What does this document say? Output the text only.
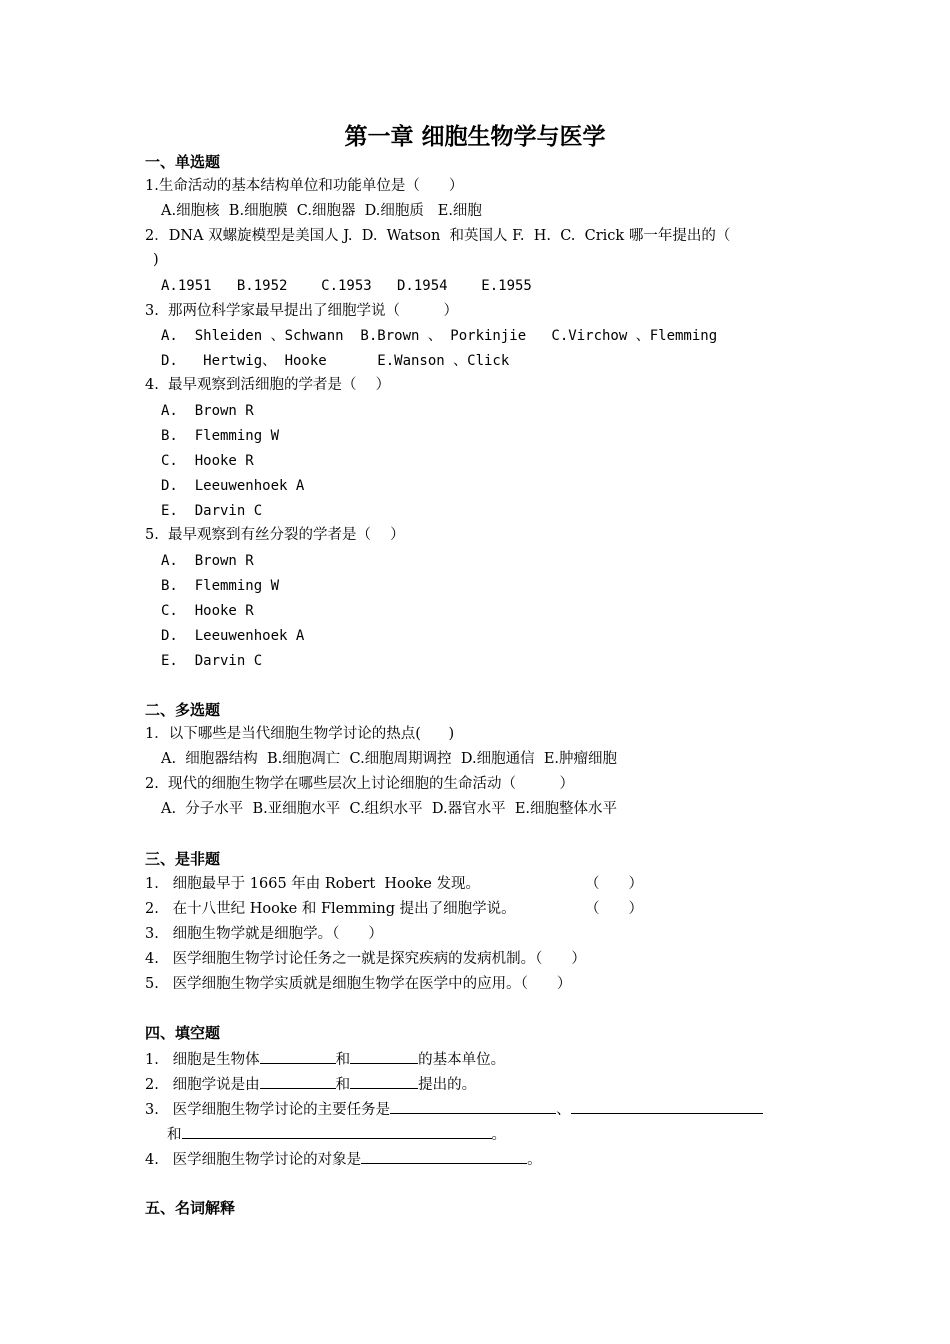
第一章 细胞生物学与医学
一、单选题
1.生命活动的基本结构单位和功能单位是（　　）
A.细胞核  B.细胞膜  C.细胞器  D.细胞质   E.细胞
2．DNA 双螺旋模型是美国人 J.  D.  Watson  和英国人 F.  H.  C.  Crick 哪一年提出的（
)
A.1951   B.1952    C.1953   D.1954    E.1955
3.  那两位科学家最早提出了细胞学说（　　　）
A.  Shleiden 、Schwann  B.Brown 、 Porkinjie   C.Virchow 、Flemming
D.   Hertwig、 Hooke      E.Wanson 、Click
4.  最早观察到活细胞的学者是（　 ）
A.  Brown R
B.  Flemming W
C.  Hooke R
D.  Leeuwenhoek A
E.  Darvin C
5.  最早观察到有丝分裂的学者是（　 ）
A.  Brown R
B.  Flemming W
C.  Hooke R
D.  Leeuwenhoek A
E.  Darvin C
二、多选题
1．以下哪些是当代细胞生物学讨论的热点(      )
A.  细胞器结构  B.细胞凋亡  C.细胞周期调控  D.细胞通信  E.肿瘤细胞
2.  现代的细胞生物学在哪些层次上讨论细胞的生命活动（　　　）
A.  分子水平  B.亚细胞水平  C.组织水平  D.器官水平  E.细胞整体水平
三、是非题
1.   细胞最早于 1665 年由 Robert  Hooke 发现。	（　　）
2.   在十八世纪 Hooke 和 Flemming 提出了细胞学说。	（　　）
3.   细胞生物学就是细胞学。（　　）
4.   医学细胞生物学讨论任务之一就是探究疾病的发病机制。（　　）
5.   医学细胞生物学实质就是细胞生物学在医学中的应用。（　　）
四、填空题
1.   细胞是生物体	和	的基本单位。
2.   细胞学说是由	和	提出的。
3.   医学细胞生物学讨论的主要任务是	、
和	。
4.   医学细胞生物学讨论的对象是	。
五、名词解释
